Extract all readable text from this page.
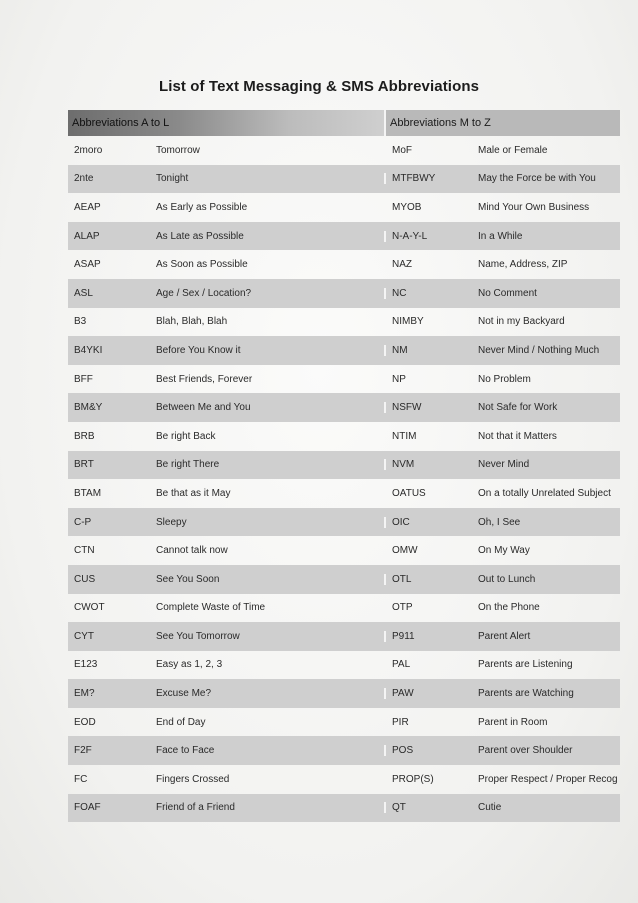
List of Text Messaging & SMS Abbreviations
Abbreviations A to L	Abbreviations M to Z
2moro	Tomorrow	MoF	Male or Female
2nte	Tonight	MTFBWY	May the Force be with You
AEAP	As Early as Possible	MYOB	Mind Your Own Business
ALAP	As Late as Possible	N-A-Y-L	In a While
ASAP	As Soon as Possible	NAZ	Name, Address, ZIP
ASL	Age / Sex / Location?	NC	No Comment
B3	Blah, Blah, Blah	NIMBY	Not in my Backyard
B4YKI	Before You Know it	NM	Never Mind / Nothing Much
BFF	Best Friends, Forever	NP	No Problem
BM&Y	Between Me and You	NSFW	Not Safe for Work
BRB	Be right Back	NTIM	Not that it Matters
BRT	Be right There	NVM	Never Mind
BTAM	Be that as it May	OATUS	On a totally Unrelated Subject
C-P	Sleepy	OIC	Oh, I See
CTN	Cannot talk now	OMW	On My Way
CUS	See You Soon	OTL	Out to Lunch
CWOT	Complete Waste of Time	OTP	On the Phone
CYT	See You Tomorrow	P911	Parent Alert
E123	Easy as 1, 2, 3	PAL	Parents are Listening
EM?	Excuse Me?	PAW	Parents are Watching
EOD	End of Day	PIR	Parent in Room
F2F	Face to Face	POS	Parent over Shoulder
FC	Fingers Crossed	PROP(S)	Proper Respect / Proper Recog
FOAF	Friend of a Friend	QT	Cutie
